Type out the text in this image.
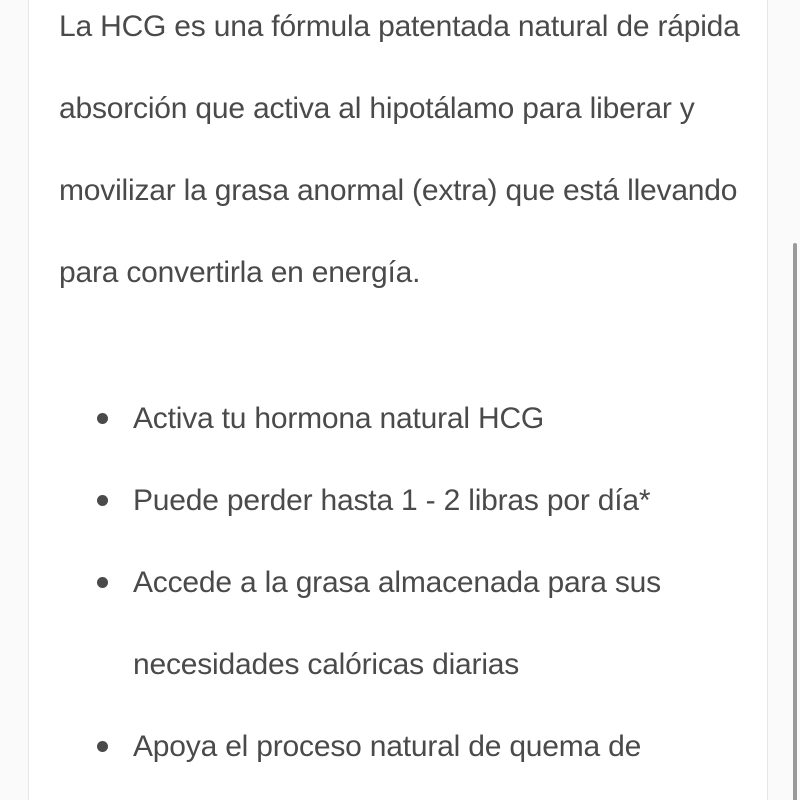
La HCG es una fórmula patentada natural de rápida absorción que activa al hipotálamo para liberar y movilizar la grasa anormal (extra) que está llevando para convertirla en energía.

Activa tu hormona natural HCG
Puede perder hasta 1 - 2 libras por día*
Accede a la grasa almacenada para sus necesidades calóricas diarias
Apoya el proceso natural de quema de
